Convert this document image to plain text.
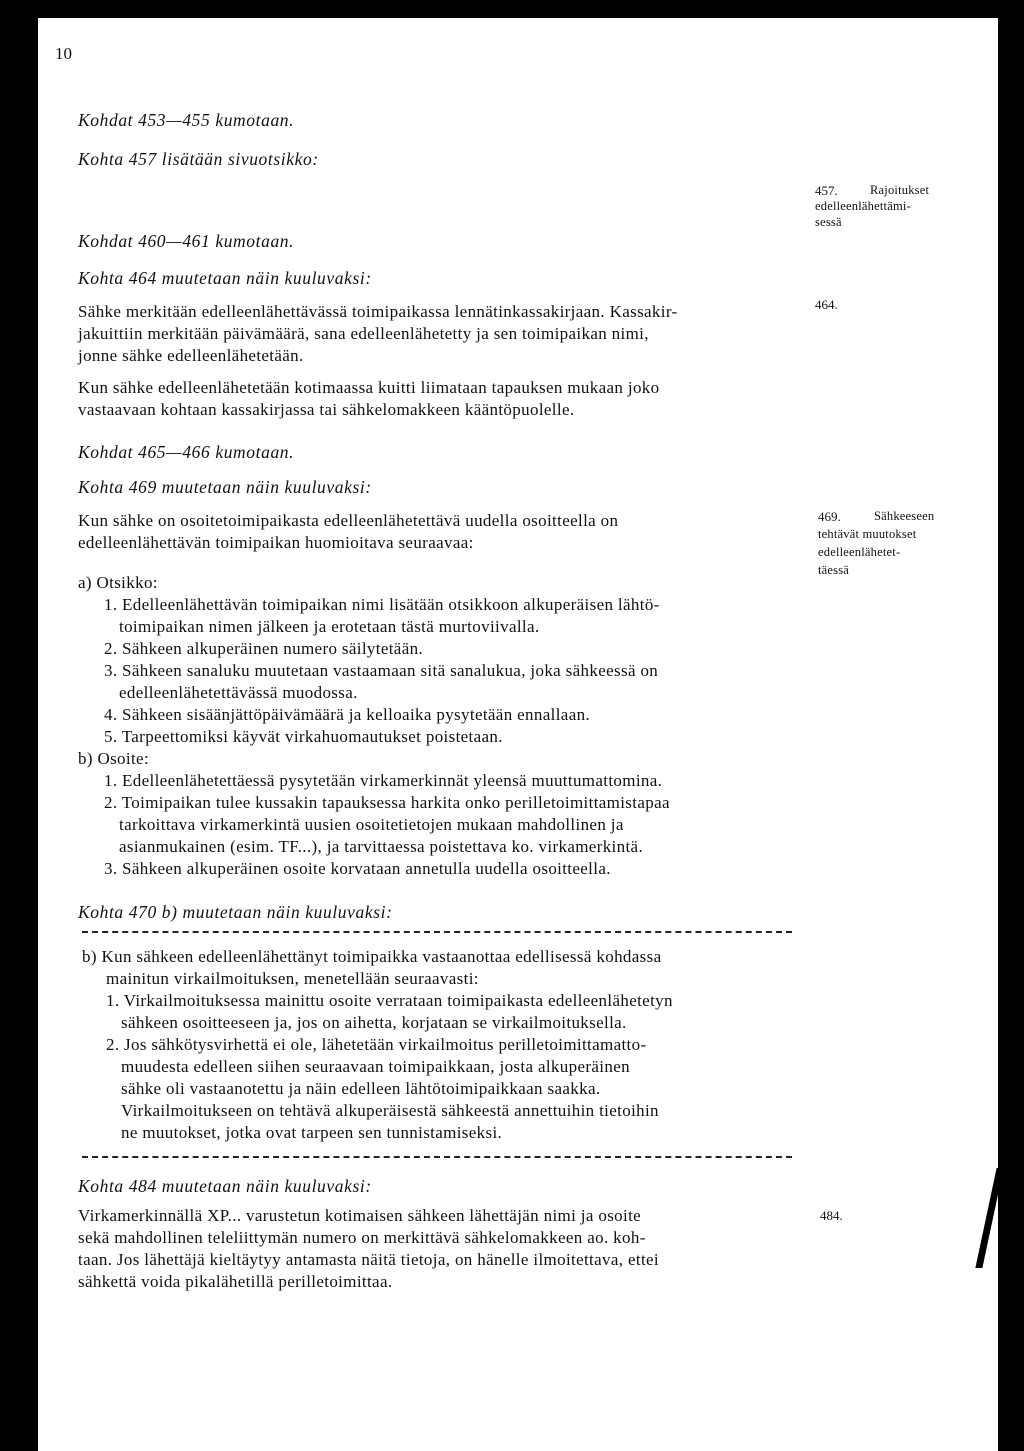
10
Kohdat 453—455 kumotaan.
Kohta 457 lisätään sivuotsikko:
Kohdat 460—461 kumotaan.
Kohta 464 muutetaan näin kuuluvaksi:
457.	Rajoitukset
edelleenlähettämi-
sessä
464.
Sähke merkitään edelleenlähettävässä toimipaikassa lennätinkassakirjaan. Kassakir-
jakuittiin merkitään päivämäärä, sana edelleenlähetetty ja sen toimipaikan nimi,
jonne sähke edelleenlähetetään.
Kun sähke edelleenlähetetään kotimaassa kuitti liimataan tapauksen mukaan joko
vastaavaan kohtaan kassakirjassa tai sähkelomakkeen kääntöpuolelle.
Kohdat 465—466 kumotaan.
Kohta 469 muutetaan näin kuuluvaksi:
469.	Sähkeeseen
tehtävät muutokset
edelleenlähetet-
täessä
Kun sähke on osoitetoimipaikasta edelleenlähetettävä uudella osoitteella on
edelleenlähettävän toimipaikan huomioitava seuraavaa:
a) Otsikko:
1. Edelleenlähettävän toimipaikan nimi lisätään otsikkoon alkuperäisen lähtö-
toimipaikan nimen jälkeen ja erotetaan tästä murtoviivalla.
2. Sähkeen alkuperäinen numero säilytetään.
3. Sähkeen sanaluku muutetaan vastaamaan sitä sanalukua, joka sähkeessä on
edelleenlähetettävässä muodossa.
4. Sähkeen sisäänjättöpäivämäärä ja kelloaika pysytetään ennallaan.
5. Tarpeettomiksi käyvät virkahuomautukset poistetaan.
b) Osoite:
1. Edelleenlähetettäessä pysytetään virkamerkinnät yleensä muuttumattomina.
2. Toimipaikan tulee kussakin tapauksessa harkita onko perilletoimittamistapaa
tarkoittava virkamerkintä uusien osoitetietojen mukaan mahdollinen ja
asianmukainen (esim. TF...), ja tarvittaessa poistettava ko. virkamerkintä.
3. Sähkeen alkuperäinen osoite korvataan annetulla uudella osoitteella.
Kohta 470 b) muutetaan näin kuuluvaksi:
b) Kun sähkeen edelleenlähettänyt toimipaikka vastaanottaa edellisessä kohdassa
mainitun virkailmoituksen, menetellään seuraavasti:
1. Virkailmoituksessa mainittu osoite verrataan toimipaikasta edelleenlähetetyn
sähkeen osoitteeseen ja, jos on aihetta, korjataan se virkailmoituksella.
2. Jos sähkötysvirhettä ei ole, lähetetään virkailmoitus perilletoimittamatto-
muudesta edelleen siihen seuraavaan toimipaikkaan, josta alkuperäinen
sähke oli vastaanotettu ja näin edelleen lähtötoimipaikkaan saakka.
Virkailmoitukseen on tehtävä alkuperäisestä sähkeestä annettuihin tietoihin
ne muutokset, jotka ovat tarpeen sen tunnistamiseksi.
Kohta 484 muutetaan näin kuuluvaksi:
484.
Virkamerkinnällä XP... varustetun kotimaisen sähkeen lähettäjän nimi ja osoite
sekä mahdollinen teleliittymän numero on merkittävä sähkelomakkeen ao. koh-
taan. Jos lähettäjä kieltäytyy antamasta näitä tietoja, on hänelle ilmoitettava, ettei
sähkettä voida pikalähetillä perilletoimittaa.
